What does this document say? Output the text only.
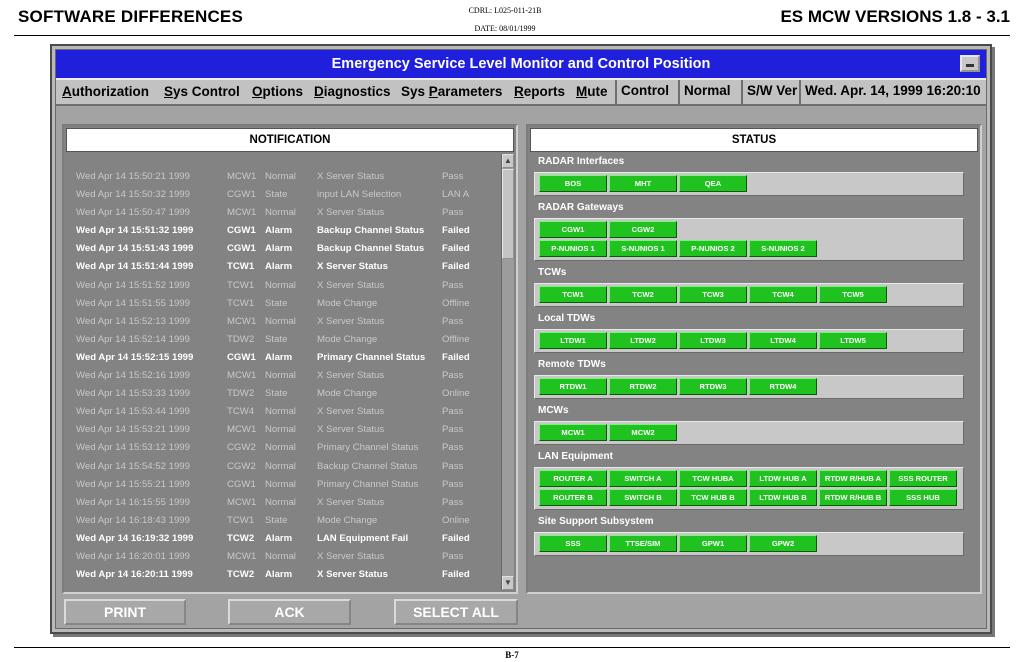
SOFTWARE DIFFERENCES	CDRL: L025-011-21B
DATE: 08/01/1999
ES MCW VERSIONS 1.8 - 3.1
Emergency Service Level Monitor and Control Position
Authorization Sys Control Options Diagnostics Sys Parameters Reports Mute	Control	Normal	S/W Ver Wed. Apr. 14, 1999 16:20:10
NOTIFICATION
Wed Apr 14 15:50:21 1999	MCW1 Normal X Server Status	Pass
Wed Apr 14 15:50:32 1999	CGW1 State	input LAN Selection	LAN A
Wed Apr 14 15:50:47 1999	MCW1 Normal X Server Status	Pass
Wed Apr 14 15:51:32 1999	CGW1 Alarm	Backup Channel Status Failed
Wed Apr 14 15:51:43 1999	CGW1 Alarm	Backup Channel Status Failed
Wed Apr 14 15:51:44 1999	TCW1 Alarm	X Server Status	Failed
Wed Apr 14 15:51:52 1999	TCW1 Normal X Server Status	Pass
Wed Apr 14 15:51:55 1999	TCW1 State	Mode Change	Offline
Wed Apr 14 15:52:13 1999	MCW1 Normal X Server Status	Pass
Wed Apr 14 15:52:14 1999	TDW2 State	Mode Change	Offline
Wed Apr 14 15:52:15 1999	CGW1 Alarm	Primary Channel Status Failed
Wed Apr 14 15:52:16 1999	MCW1 Normal X Server Status	Pass
Wed Apr 14 15:53:33 1999	TDW2 State	Mode Change	Online
Wed Apr 14 15:53:44 1999	TCW4 Normal X Server Status	Pass
Wed Apr 14 15:53:21 1999	MCW1 Normal X Server Status	Pass
Wed Apr 14 15:53:12 1999	CGW2 Normal Primary Channel Status Pass
Wed Apr 14 15:54:52 1999	CGW2 Normal Backup Channel Status	Pass
Wed Apr 14 15:55:21 1999	CGW1 Normal Primary Channel Status Pass
Wed Apr 14 16:15:55 1999	MCW1 Normal X Server Status	Pass
Wed Apr 14 16:18:43 1999	TCW1 State	Mode Change	Online
Wed Apr 14 16:19:32 1999	TCW2 Alarm	LAN Equipment Fail	Failed
Wed Apr 14 16:20:01 1999	MCW1 Normal X Server Status	Pass
Wed Apr 14 16:20:11 1999	TCW2 Alarm	X Server Status	Failed
▲
▼
STATUS
RADAR Interfaces
BOS	MHT	QEA
RADAR Gateways
CGW1	CGW2
P-NUNIOS 1	S-NUNIOS 1	P-NUNIOS 2	S-NUNIOS 2
TCWs
TCW1	TCW2	TCW3	TCW4	TCW5
Local TDWs
LTDW1	LTDW2	LTDW3	LTDW4	LTDW5
Remote TDWs
RTDW1	RTDW2	RTDW3	RTDW4
MCWs
MCW1	MCW2
LAN Equipment
ROUTER A	SWITCH A	TCW HUBA	LTDW HUB A	RTDW R/HUB A	SSS ROUTER
ROUTER B	SWITCH B	TCW HUB B	LTDW HUB B	RTDW R/HUB B	SSS HUB
Site Support Subsystem
SSS	TTSE/SIM	GPW1	GPW2
PRINT	ACK	SELECT ALL
B-7
